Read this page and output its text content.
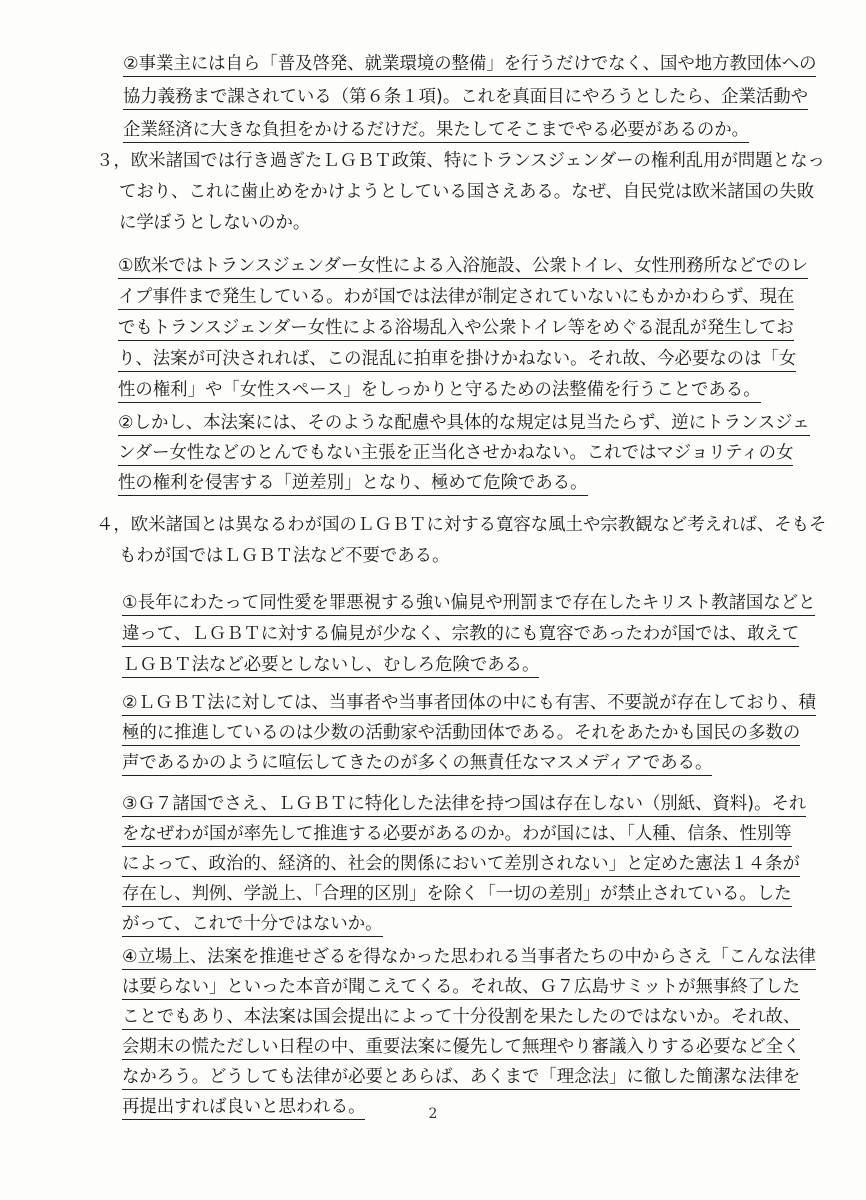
②事業主には自ら「普及啓発、就業環境の整備」を行うだけでなく、国や地方教団体への
協力義務まで課されている（第６条１項)。これを真面目にやろうとしたら、企業活動や
企業経済に大きな負担をかけるだけだ。果たしてそこまでやる必要があるのか。
３，欧米諸国では行き過ぎたＬＧＢＴ政策、特にトランスジェンダーの権利乱用が問題となっ
ており、これに歯止めをかけようとしている国さえある。なぜ、自民党は欧米諸国の失敗
に学ぼうとしないのか。
①欧米ではトランスジェンダー女性による入浴施設、公衆トイレ、女性刑務所などでのレ
イプ事件まで発生している。わが国では法律が制定されていないにもかかわらず、現在
でもトランスジェンダー女性による浴場乱入や公衆トイレ等をめぐる混乱が発生してお
り、法案が可決されれば、この混乱に拍車を掛けかねない。それ故、今必要なのは「女
性の権利」や「女性スペース」をしっかりと守るための法整備を行うことである。
②しかし、本法案には、そのような配慮や具体的な規定は見当たらず、逆にトランスジェ
ンダー女性などのとんでもない主張を正当化させかねない。これではマジョリティの女
性の権利を侵害する「逆差別」となり、極めて危険である。
４，欧米諸国とは異なるわが国のＬＧＢＴに対する寛容な風土や宗教観など考えれば、そもそ
もわが国ではＬＧＢＴ法など不要である。
①長年にわたって同性愛を罪悪視する強い偏見や刑罰まで存在したキリスト教諸国などと
違って、ＬＧＢＴに対する偏見が少なく、宗教的にも寛容であったわが国では、敢えて
ＬＧＢＴ法など必要としないし、むしろ危険である。
②ＬＧＢＴ法に対しては、当事者や当事者団体の中にも有害、不要説が存在しており、積
極的に推進しているのは少数の活動家や活動団体である。それをあたかも国民の多数の
声であるかのように喧伝してきたのが多くの無責任なマスメディアである。
③Ｇ７諸国でさえ、ＬＧＢＴに特化した法律を持つ国は存在しない（別紙、資料)。それ
をなぜわが国が率先して推進する必要があるのか。わが国には、「人種、信条、性別等
によって、政治的、経済的、社会的関係において差別されない」と定めた憲法１４条が
存在し、判例、学説上、「合理的区別」を除く「一切の差別」が禁止されている。した
がって、これで十分ではないか。
④立場上、法案を推進せざるを得なかった思われる当事者たちの中からさえ「こんな法律
は要らない」といった本音が聞こえてくる。それ故、Ｇ７広島サミットが無事終了した
ことでもあり、本法案は国会提出によって十分役割を果たしたのではないか。それ故、
会期末の慌ただしい日程の中、重要法案に優先して無理やり審議入りする必要など全く
なかろう。どうしても法律が必要とあらば、あくまで「理念法」に徹した簡潔な法律を
再提出すれば良いと思われる。	2
